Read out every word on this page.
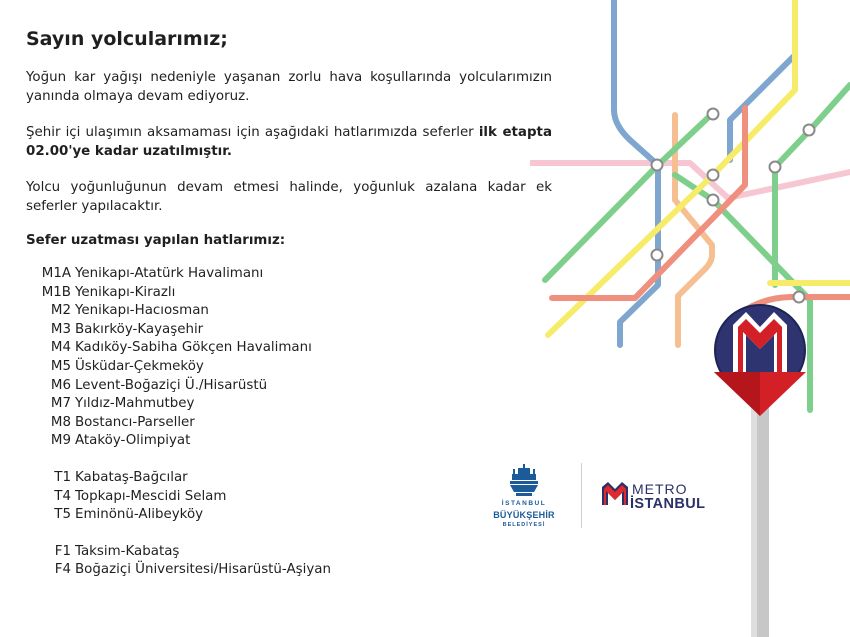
Sayın yolcularımız;

Yoğun kar yağışı nedeniyle yaşanan zorlu hava koşullarında yolcularımızın yanında olmaya devam ediyoruz.

Şehir içi ulaşımın aksamaması için aşağıdaki hatlarımızda seferler ilk etapta 02.00'ye kadar uzatılmıştır.

Yolcu yoğunluğunun devam etmesi halinde, yoğunluk azalana kadar ek seferler yapılacaktır.

Sefer uzatması yapılan hatlarımız:
M1A Yenikapı-Atatürk Havalimanı
M1B Yenikapı-Kirazlı
M2 Yenikapı-Hacıosman
M3 Bakırköy-Kayaşehir
M4 Kadıköy-Sabiha Gökçen Havalimanı
M5 Üsküdar-Çekmeköy
M6 Levent-Boğaziçi Ü./Hisarüstü
M7 Yıldız-Mahmutbey
M8 Bostancı-Parseller
M9 Ataköy-Olimpiyat
T1 Kabataş-Bağcılar
T4 Topkapı-Mescidi Selam
T5 Eminönü-Alibeyköy
F1 Taksim-Kabataş
F4 Boğaziçi Üniversitesi/Hisarüstü-Aşiyan

İSTANBUL

BÜYÜKŞEHİR

BELEDİYESİ

METRO

İSTANBUL
